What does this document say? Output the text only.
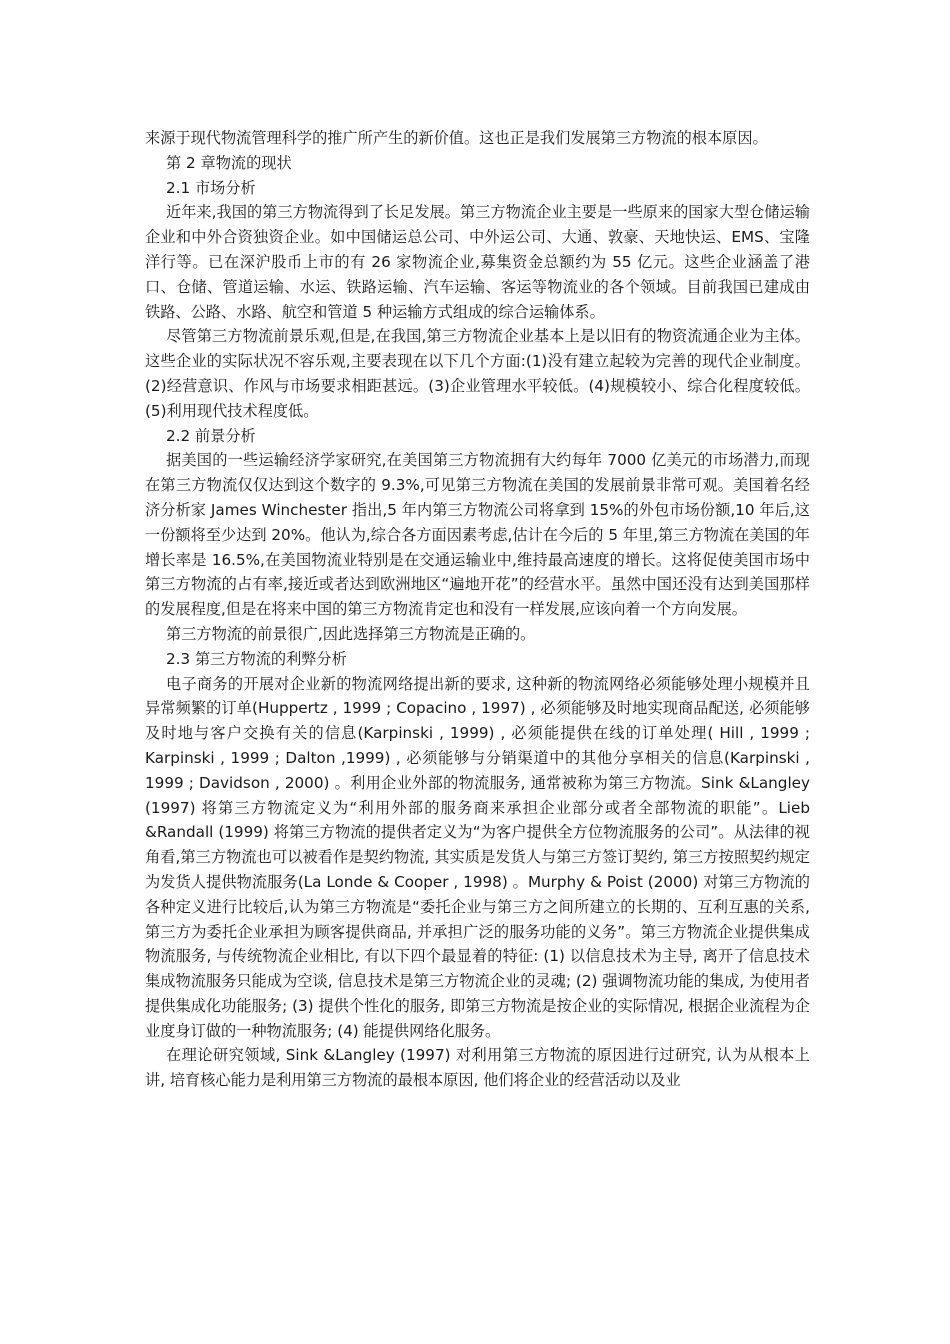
来源于现代物流管理科学的推广所产生的新价值。这也正是我们发展第三方物流的根本原因。

第 2 章物流的现状

2.1 市场分析

近年来,我国的第三方物流得到了长足发展。第三方物流企业主要是一些原来的国家大型仓储运输企业和中外合资独资企业。如中国储运总公司、中外运公司、大通、敦豪、天地快运、EMS、宝隆洋行等。已在深沪股币上市的有 26 家物流企业,募集资金总额约为 55 亿元。这些企业涵盖了港口、仓储、管道运输、水运、铁路运输、汽车运输、客运等物流业的各个领域。目前我国已建成由铁路、公路、水路、航空和管道 5 种运输方式组成的综合运输体系。

尽管第三方物流前景乐观,但是,在我国,第三方物流企业基本上是以旧有的物资流通企业为主体。这些企业的实际状况不容乐观,主要表现在以下几个方面:(1)没有建立起较为完善的现代企业制度。(2)经营意识、作风与市场要求相距甚远。(3)企业管理水平较低。(4)规模较小、综合化程度较低。(5)利用现代技术程度低。

2.2 前景分析

据美国的一些运输经济学家研究,在美国第三方物流拥有大约每年 7000 亿美元的市场潜力,而现在第三方物流仅仅达到这个数字的 9.3%,可见第三方物流在美国的发展前景非常可观。美国着名经济分析家 James Winchester 指出,5 年内第三方物流公司将拿到 15%的外包市场份额,10 年后,这一份额将至少达到 20%。他认为,综合各方面因素考虑,估计在今后的 5 年里,第三方物流在美国的年增长率是 16.5%,在美国物流业特别是在交通运输业中,维持最高速度的增长。这将促使美国市场中第三方物流的占有率,接近或者达到欧洲地区“遍地开花”的经营水平。虽然中国还没有达到美国那样的发展程度,但是在将来中国的第三方物流肯定也和没有一样发展,应该向着一个方向发展。

第三方物流的前景很广,因此选择第三方物流是正确的。

2.3 第三方物流的利弊分析

电子商务的开展对企业新的物流网络提出新的要求, 这种新的物流网络必须能够处理小规模并且异常频繁的订单(Huppertz , 1999 ; Copacino , 1997) , 必须能够及时地实现商品配送, 必须能够及时地与客户交换有关的信息(Karpinski , 1999) , 必须能提供在线的订单处理( Hill , 1999 ; Karpinski , 1999 ; Dalton ,1999) , 必须能够与分销渠道中的其他分享相关的信息(Karpinski , 1999 ; Davidson , 2000) 。利用企业外部的物流服务, 通常被称为第三方物流。Sink &Langley (1997) 将第三方物流定义为“利用外部的服务商来承担企业部分或者全部物流的职能”。Lieb &Randall (1999) 将第三方物流的提供者定义为“为客户提供全方位物流服务的公司”。从法律的视角看,第三方物流也可以被看作是契约物流, 其实质是发货人与第三方签订契约, 第三方按照契约规定为发货人提供物流服务(La Londe & Cooper , 1998) 。Murphy & Poist (2000) 对第三方物流的各种定义进行比较后,认为第三方物流是“委托企业与第三方之间所建立的长期的、互利互惠的关系, 第三方为委托企业承担为顾客提供商品, 并承担广泛的服务功能的义务”。第三方物流企业提供集成物流服务, 与传统物流企业相比, 有以下四个最显着的特征: (1) 以信息技术为主导, 离开了信息技术集成物流服务只能成为空谈, 信息技术是第三方物流企业的灵魂; (2) 强调物流功能的集成, 为使用者提供集成化功能服务; (3) 提供个性化的服务, 即第三方物流是按企业的实际情况, 根据企业流程为企业度身订做的一种物流服务; (4) 能提供网络化服务。

在理论研究领域, Sink &Langley (1997) 对利用第三方物流的原因进行过研究, 认为从根本上讲, 培育核心能力是利用第三方物流的最根本原因, 他们将企业的经营活动以及业
